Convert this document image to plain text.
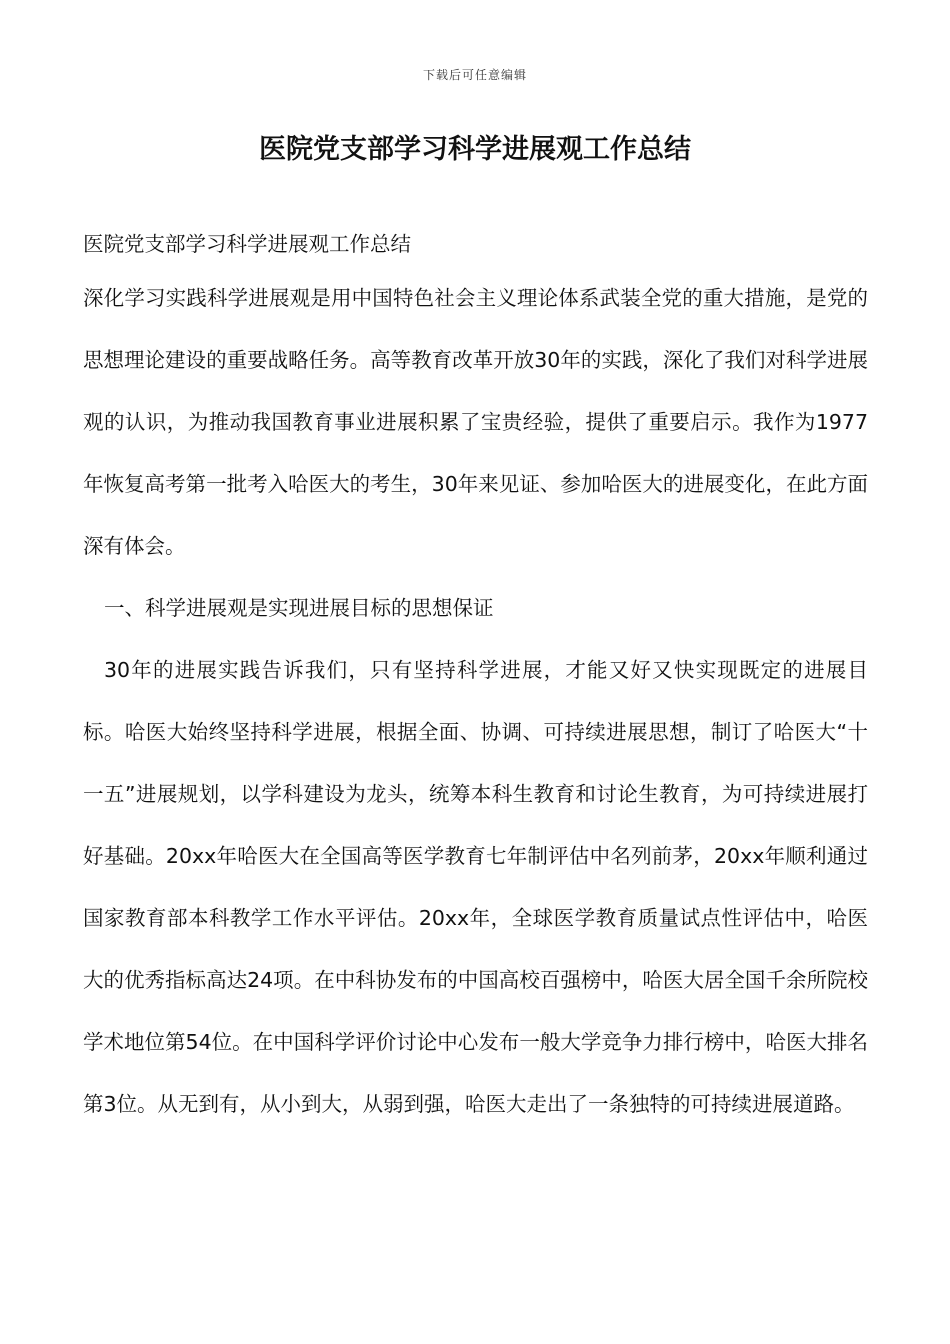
下载后可任意编辑
医院党支部学习科学进展观工作总结

医院党支部学习科学进展观工作总结

深化学习实践科学进展观是用中国特色社会主义理论体系武装全党的重大措施，是党的思想理论建设的重要战略任务。高等教育改革开放30年的实践，深化了我们对科学进展观的认识，为推动我国教育事业进展积累了宝贵经验，提供了重要启示。我作为1977年恢复高考第一批考入哈医大的考生，30年来见证、参加哈医大的进展变化，在此方面深有体会。

一、科学进展观是实现进展目标的思想保证

30年的进展实践告诉我们，只有坚持科学进展，才能又好又快实现既定的进展目标。哈医大始终坚持科学进展，根据全面、协调、可持续进展思想，制订了哈医大“十一五”进展规划，以学科建设为龙头，统筹本科生教育和讨论生教育，为可持续进展打好基础。20xx年哈医大在全国高等医学教育七年制评估中名列前茅，20xx年顺利通过国家教育部本科教学工作水平评估。20xx年，全球医学教育质量试点性评估中，哈医大的优秀指标高达24项。在中科协发布的中国高校百强榜中，哈医大居全国千余所院校学术地位第54位。在中国科学评价讨论中心发布一般大学竞争力排行榜中，哈医大排名第3位。从无到有，从小到大，从弱到强，哈医大走出了一条独特的可持续进展道路。
